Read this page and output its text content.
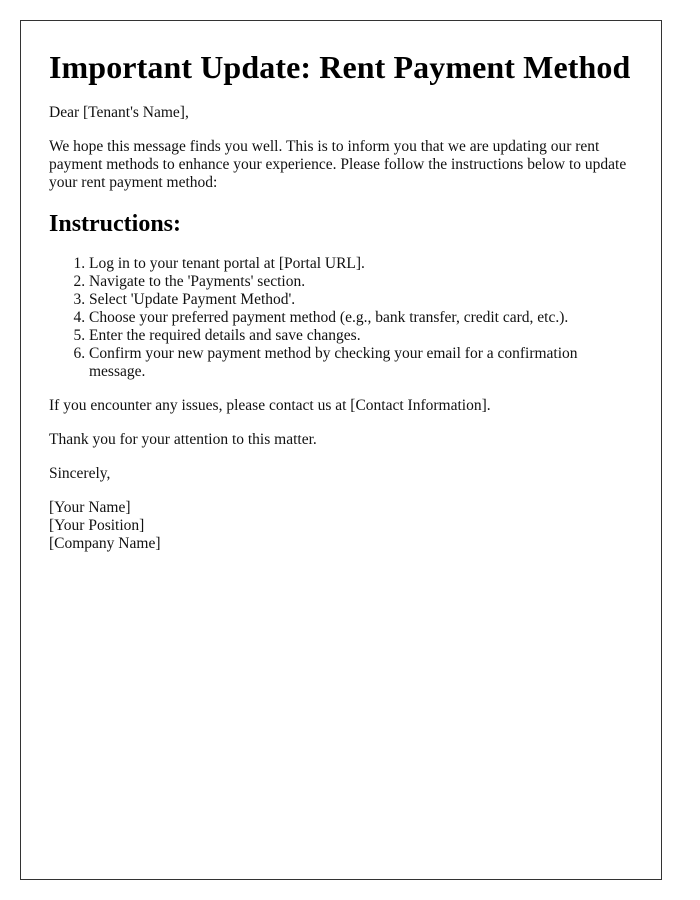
Important Update: Rent Payment Method

Dear [Tenant's Name],

We hope this message finds you well. This is to inform you that we are updating our rent payment methods to enhance your experience. Please follow the instructions below to update your rent payment method:

Instructions:
1. Log in to your tenant portal at [Portal URL].
2. Navigate to the 'Payments' section.
3. Select 'Update Payment Method'.
4. Choose your preferred payment method (e.g., bank transfer, credit card, etc.).
5. Enter the required details and save changes.
6. Confirm your new payment method by checking your email for a confirmation message.

If you encounter any issues, please contact us at [Contact Information].

Thank you for your attention to this matter.

Sincerely,

[Your Name]
[Your Position]
[Company Name]
